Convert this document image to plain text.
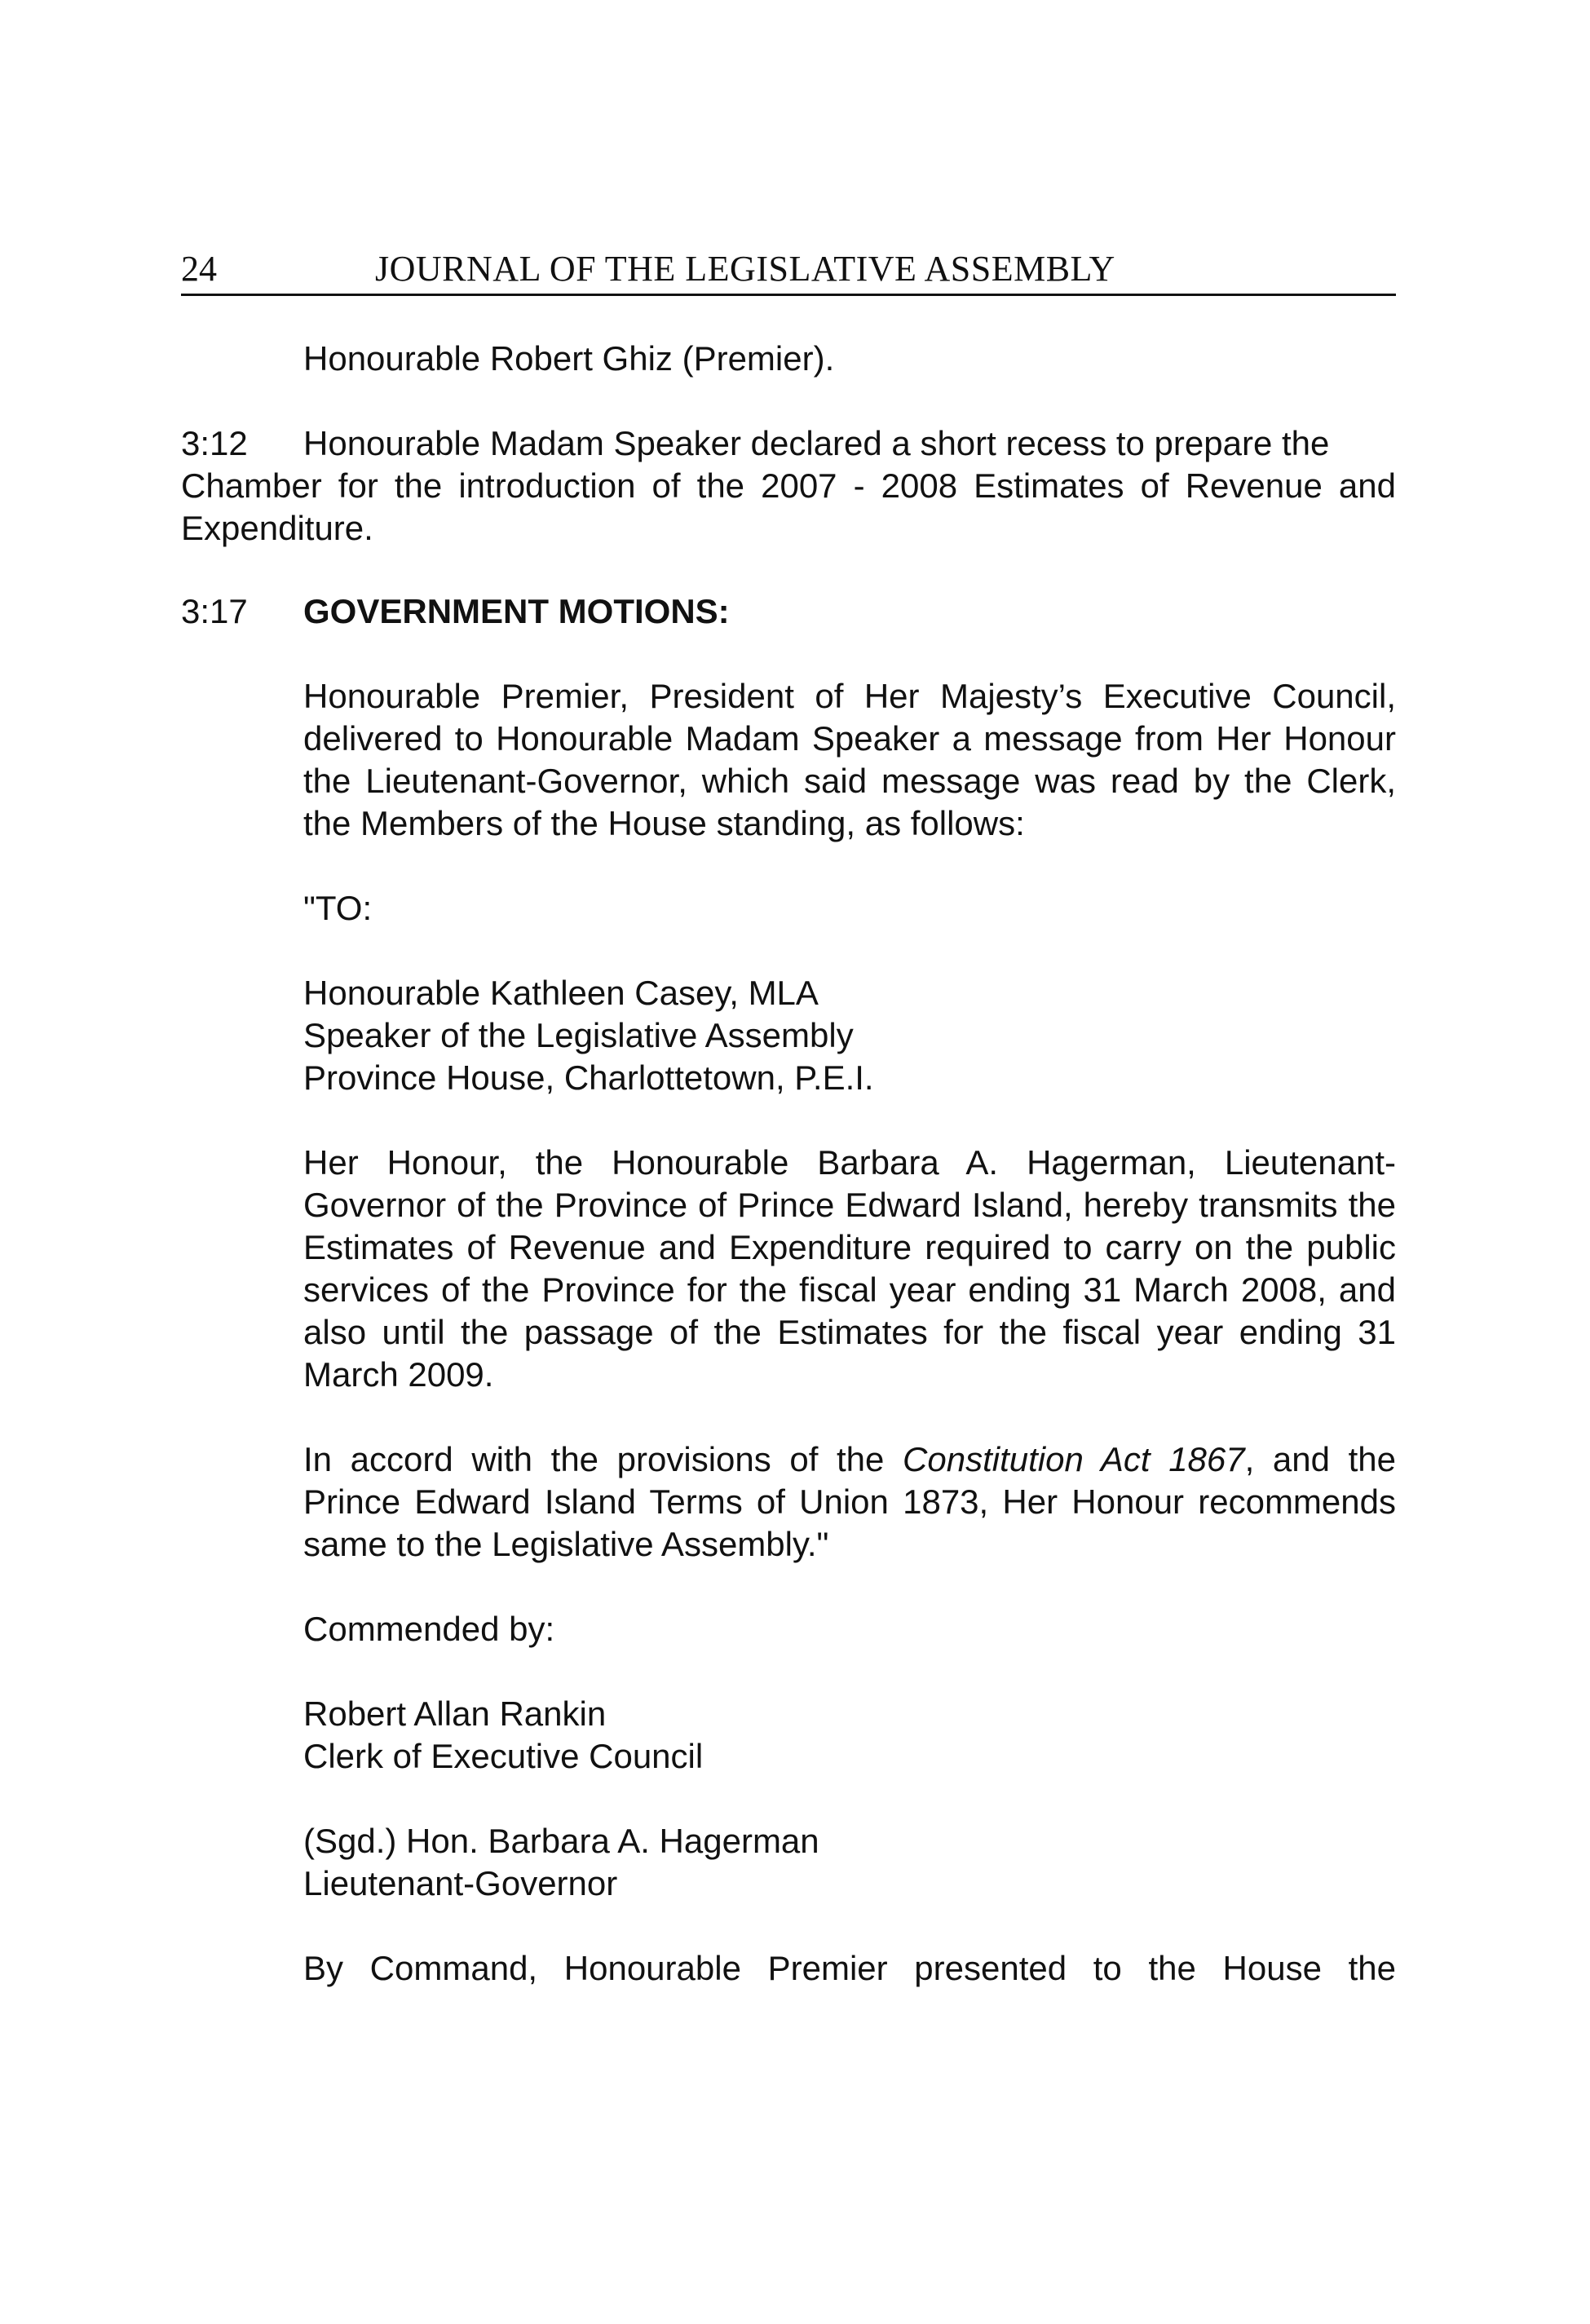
24	JOURNAL OF THE LEGISLATIVE ASSEMBLY
Honourable Robert Ghiz (Premier).
3:12 Honourable Madam Speaker declared a short recess to prepare the
Chamber for the introduction of the 2007 - 2008 Estimates of Revenue and Expenditure.
3:17 GOVERNMENT MOTIONS:
Honourable Premier, President of Her Majesty’s Executive Council, delivered to Honourable Madam Speaker a message from Her Honour the Lieutenant-Governor, which said message was read by the Clerk, the Members of the House standing, as follows:
"TO:
Honourable Kathleen Casey, MLA
Speaker of the Legislative Assembly
Province House, Charlottetown, P.E.I.
Her Honour, the Honourable Barbara A. Hagerman, Lieutenant-Governor of the Province of Prince Edward Island, hereby transmits the Estimates of Revenue and Expenditure required to carry on the public services of the Province for the fiscal year ending 31 March 2008, and also until the passage of the Estimates for the fiscal year ending 31 March 2009.
In accord with the provisions of the Constitution Act 1867, and the Prince Edward Island Terms of Union 1873, Her Honour recommends same to the Legislative Assembly."
Commended by:
Robert Allan Rankin
Clerk of Executive Council
(Sgd.) Hon. Barbara A. Hagerman
Lieutenant-Governor
By Command, Honourable Premier presented to the House the
